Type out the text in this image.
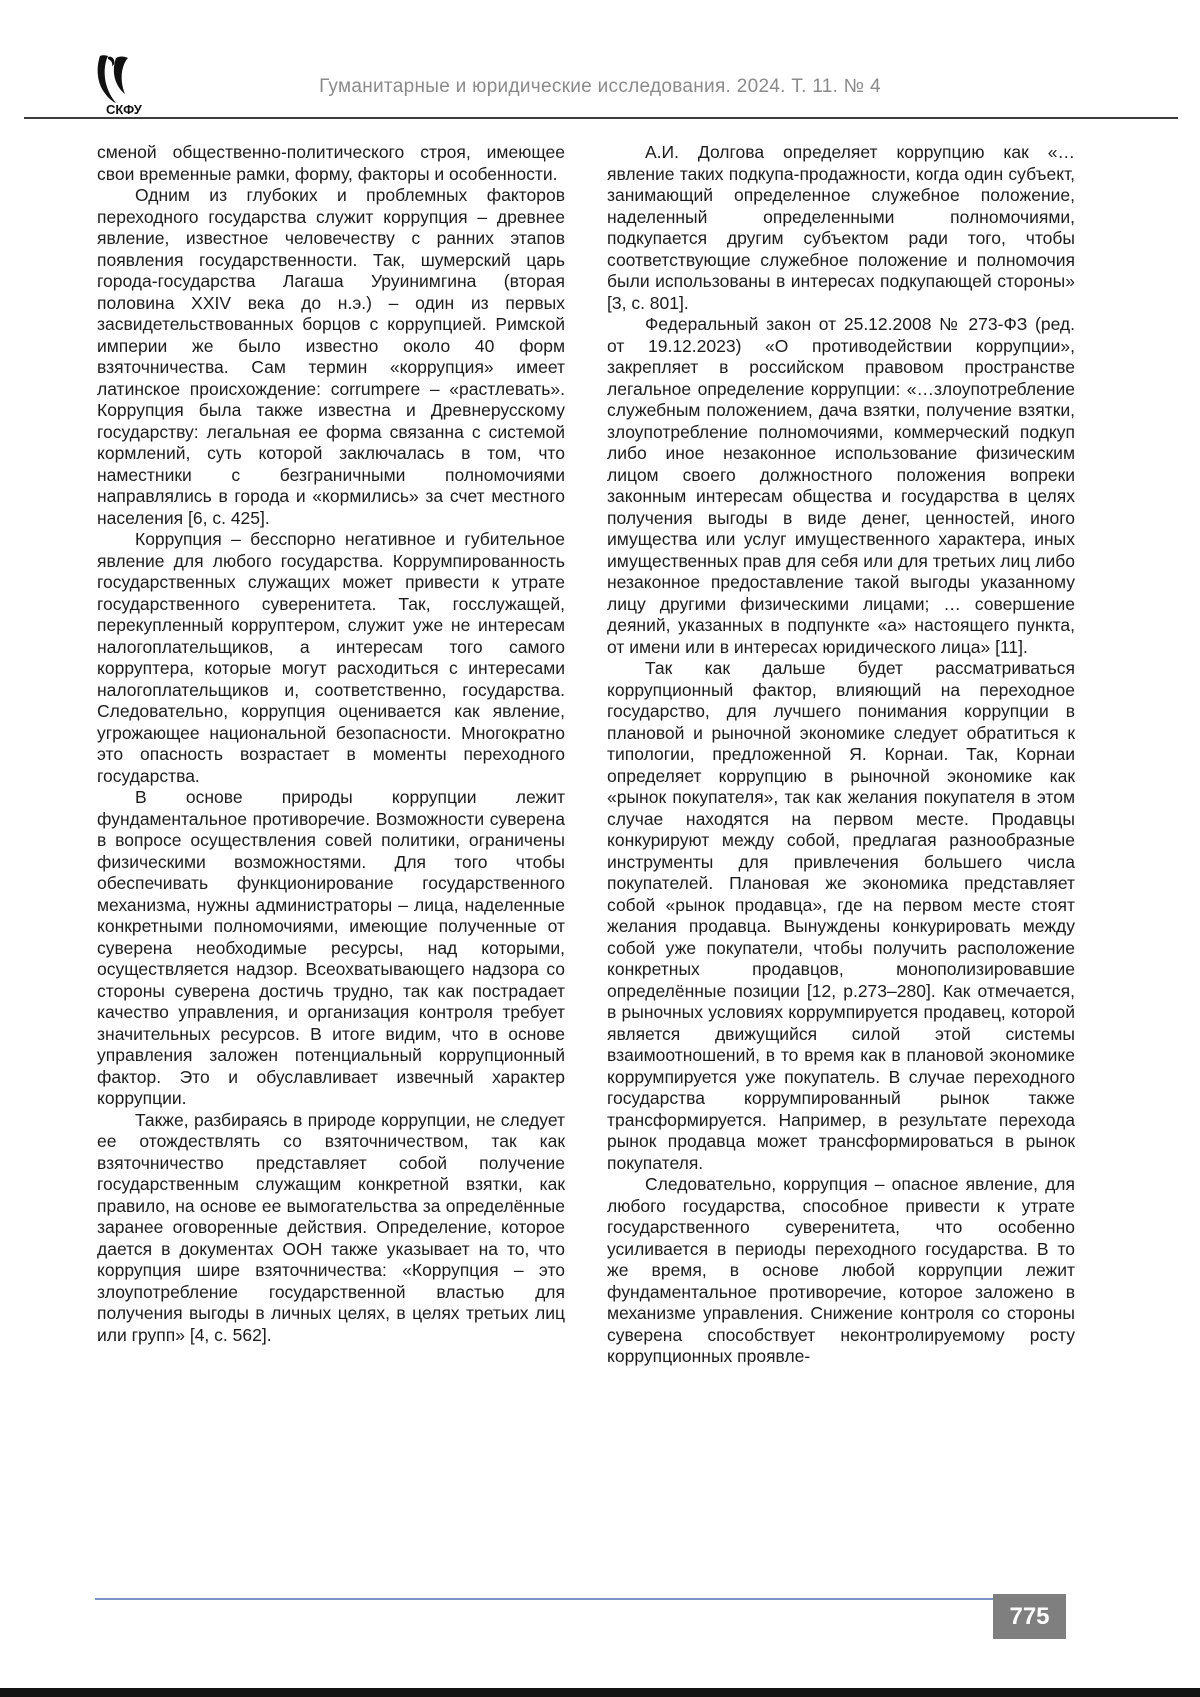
СКФУ
Гуманитарные и юридические исследования. 2024. Т. 11. № 4

сменой общественно-политического строя, имеющее свои временные рамки, форму, факторы и особенности.

Одним из глубоких и проблемных факторов переходного государства служит коррупция – древнее явление, известное человечеству с ранних этапов появления государственности. Так, шумерский царь города-государства Лагаша Уруинимгина (вторая половина XXIV века до н.э.) – один из первых засвидетельствованных борцов с коррупцией. Римской империи же было известно около 40 форм взяточничества. Сам термин «коррупция» имеет латинское происхождение: corrumpere – «растлевать». Коррупция была также известна и Древнерусскому государству: легальная ее форма связанна с системой кормлений, суть которой заключалась в том, что наместники с безграничными полномочиями направлялись в города и «кормились» за счет местного населения [6, с. 425].

Коррупция – бесспорно негативное и губительное явление для любого государства. Коррумпированность государственных служащих может привести к утрате государственного суверенитета. Так, госслужащей, перекупленный корруптером, служит уже не интересам налогоплательщиков, а интересам того самого корруптера, которые могут расходиться с интересами налогоплательщиков и, соответственно, государства. Следовательно, коррупция оценивается как явление, угрожающее национальной безопасности. Многократно это опасность возрастает в моменты переходного государства.

В основе природы коррупции лежит фундаментальное противоречие. Возможности суверена в вопросе осуществления совей политики, ограничены физическими возможностями. Для того чтобы обеспечивать функционирование государственного механизма, нужны администраторы – лица, наделенные конкретными полномочиями, имеющие полученные от суверена необходимые ресурсы, над которыми, осуществляется надзор. Всеохватывающего надзора со стороны суверена достичь трудно, так как пострадает качество управления, и организация контроля требует значительных ресурсов. В итоге видим, что в основе управления заложен потенциальный коррупционный фактор. Это и обуславливает извечный характер коррупции.

Также, разбираясь в природе коррупции, не следует ее отождествлять со взяточничеством, так как взяточничество представляет собой получение государственным служащим конкретной взятки, как правило, на основе ее вымогательства за определённые заранее оговоренные действия. Определение, которое дается в документах ООН также указывает на то, что коррупция шире взяточничества: «Коррупция – это злоупотребление государственной властью для получения выгоды в личных целях, в целях третьих лиц или групп» [4, с. 562].

А.И. Долгова определяет коррупцию как «… явление таких подкупа-продажности, когда один субъект, занимающий определенное служебное положение, наделенный определенными полномочиями, подкупается другим субъектом ради того, чтобы соответствующие служебное положение и полномочия были использованы в интересах подкупающей стороны» [3, с. 801].

Федеральный закон от 25.12.2008 № 273-ФЗ (ред. от 19.12.2023) «О противодействии коррупции», закрепляет в российском правовом пространстве легальное определение коррупции: «…злоупотребление служебным положением, дача взятки, получение взятки, злоупотребление полномочиями, коммерческий подкуп либо иное незаконное использование физическим лицом своего должностного положения вопреки законным интересам общества и государства в целях получения выгоды в виде денег, ценностей, иного имущества или услуг имущественного характера, иных имущественных прав для себя или для третьих лиц либо незаконное предоставление такой выгоды указанному лицу другими физическими лицами; … совершение деяний, указанных в подпункте «а» настоящего пункта, от имени или в интересах юридического лица» [11].

Так как дальше будет рассматриваться коррупционный фактор, влияющий на переходное государство, для лучшего понимания коррупции в плановой и рыночной экономике следует обратиться к типологии, предложенной Я. Корнаи. Так, Корнаи определяет коррупцию в рыночной экономике как «рынок покупателя», так как желания покупателя в этом случае находятся на первом месте. Продавцы конкурируют между собой, предлагая разнообразные инструменты для привлечения большего числа покупателей. Плановая же экономика представляет собой «рынок продавца», где на первом месте стоят желания продавца. Вынуждены конкурировать между собой уже покупатели, чтобы получить расположение конкретных продавцов, монополизировавшие определённые позиции [12, p.273–280]. Как отмечается, в рыночных условиях коррумпируется продавец, которой является движущийся силой этой системы взаимоотношений, в то время как в плановой экономике коррумпируется уже покупатель. В случае переходного государства коррумпированный рынок также трансформируется. Например, в результате перехода рынок продавца может трансформироваться в рынок покупателя.

Следовательно, коррупция – опасное явление, для любого государства, способное привести к утрате государственного суверенитета, что особенно усиливается в периоды переходного государства. В то же время, в основе любой коррупции лежит фундаментальное противоречие, которое заложено в механизме управления. Снижение контроля со стороны суверена способствует неконтролируемому росту коррупционных проявле-

775
